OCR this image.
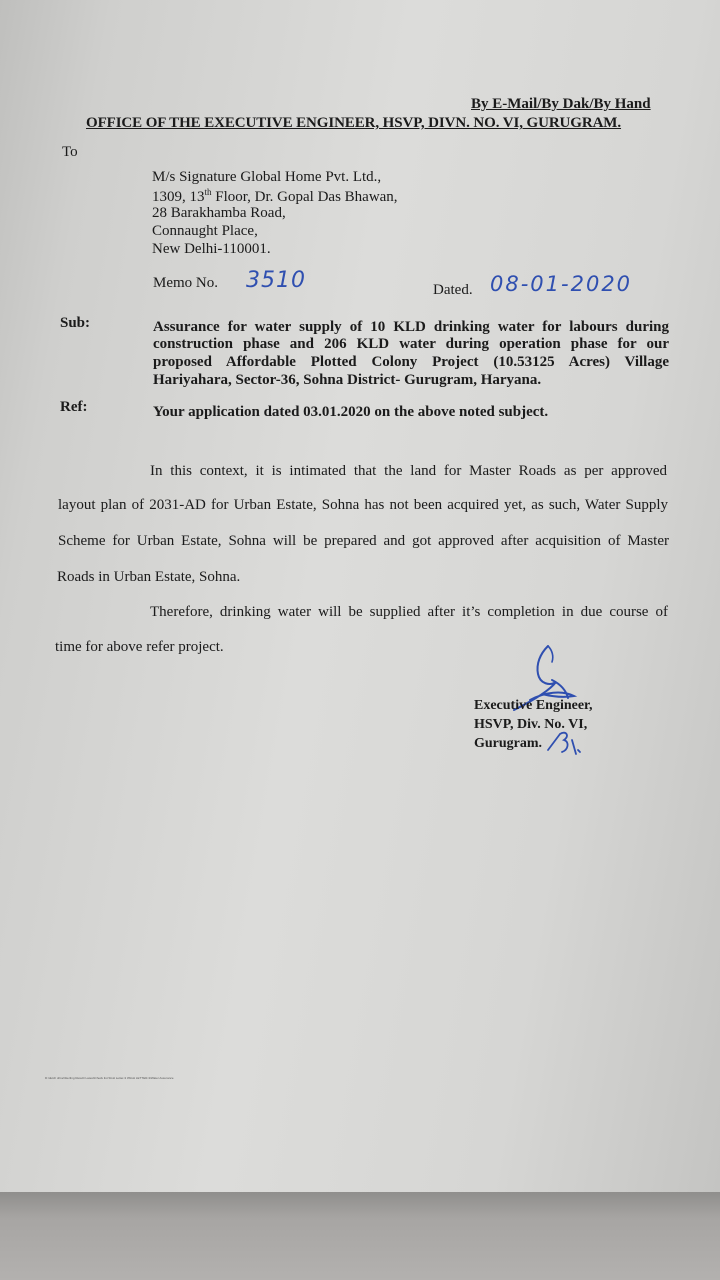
By E-Mail/By Dak/By Hand
OFFICE OF THE EXECUTIVE ENGINEER, HSVP, DIVN. NO. VI, GURUGRAM.
To
M/s Signature Global Home Pvt. Ltd.,
1309, 13th Floor, Dr. Gopal Das Bhawan,
28 Barakhamba Road,
Connaught Place,
New Delhi-110001.
Memo No. 3510	Dated. 08-01-2020
Sub:	Assurance for water supply of 10 KLD drinking water for labours during
construction phase and 206 KLD water during operation phase for our
proposed Affordable Plotted Colony Project (10.53125 Acres) Village
Hariyahara, Sector-36, Sohna District- Gurugram, Haryana.
Ref:	Your application dated 03.01.2020 on the above noted subject.
In this context, it is intimated that the land for Master Roads as per approved
layout plan of 2031-AD for Urban Estate, Sohna has not been acquired yet, as such, Water Supply
Scheme for Urban Estate, Sohna will be prepared and got approved after acquisition of Master
Roads in Urban Estate, Sohna.
Therefore, drinking water will be supplied after it’s completion in due course of
time for above refer project.
Executive Engineer,
HSVP, Div. No. VI,
Gurugram.
D:\dutch drive\Sterling Result\ Latest\Check list SGH Letter-3 3SGH LETTER-3\Water Assurance
